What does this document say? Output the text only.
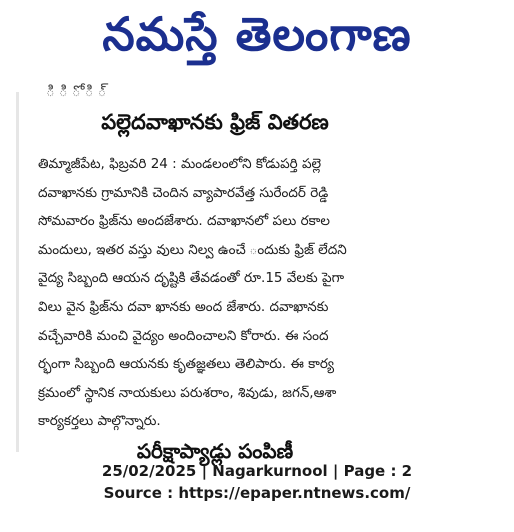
నమస్తే తెలంగాణ
ి ి ో ి ్
పల్లెదవాఖానకు ఫ్రిజ్ వితరణ
తిమ్మాజీపేట, ఫిబ్రవరి 24 : మండలంలోని కోడుపర్తి పల్లె
దవాఖానకు గ్రామానికి చెందిన వ్యాపారవేత్త సురేందర్ రెడ్డి
సోమవారం ఫ్రిజ్‌ను అందజేశారు. దవాఖానలో పలు రకాల
మందులు, ఇతర వస్తు వులు నిల్వ ఉంచే ందుకు ఫ్రిజ్ లేదని
వైద్య సిబ్బంది ఆయన దృష్టికి తేవడంతో రూ.15 వేలకు పైగా
విలు వైన ఫ్రిజ్‌ను దవా ఖానకు అంద జేశారు. దవాఖానకు
వచ్చేవారికి మంచి వైద్యం అందించాలని కోరారు. ఈ సంద
ర్భంగా సిబ్బంది ఆయనకు కృతజ్ఞతలు తెలిపారు. ఈ కార్య
క్రమంలో స్థానిక నాయకులు పరుశరాం, శివుడు, జగన్,ఆశా
కార్యకర్తలు పాల్గొన్నారు.
పరీక్షాప్యాడ్లు పంపిణీ
25/02/2025 | Nagarkurnool | Page : 2
Source : https://epaper.ntnews.com/
